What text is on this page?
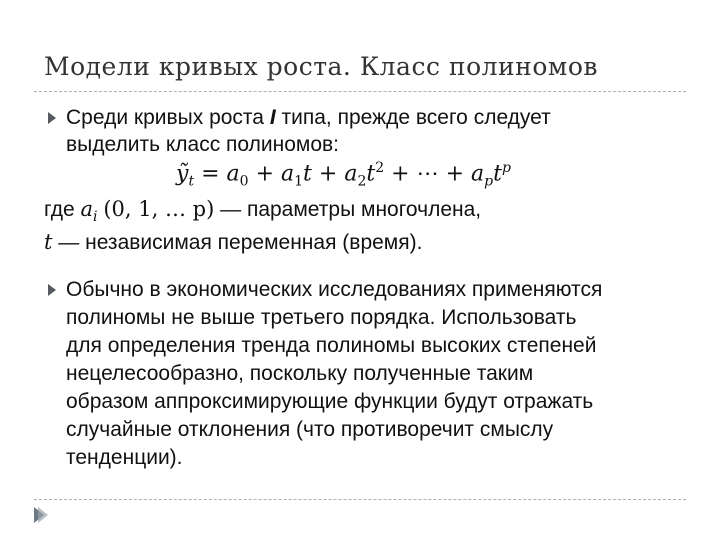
Модели кривых роста. Класс полиномов
Среди кривых роста I типа, прежде всего следует
выделить класс полиномов:
ỹ$_t$ = $a_0 + a_1t + a_2t^2$ + ⋯ + $a_pt^p$
где $a_i$ (0, 1, … p) — параметры многочлена,
t — независимая переменная (время).
Обычно в экономических исследованиях применяются
полиномы не выше третьего порядка. Использовать
для определения тренда полиномы высоких степеней
нецелесообразно, поскольку полученные таким
образом аппроксимирующие функции будут отражать
случайные отклонения (что противоречит смыслу
тенденции).
